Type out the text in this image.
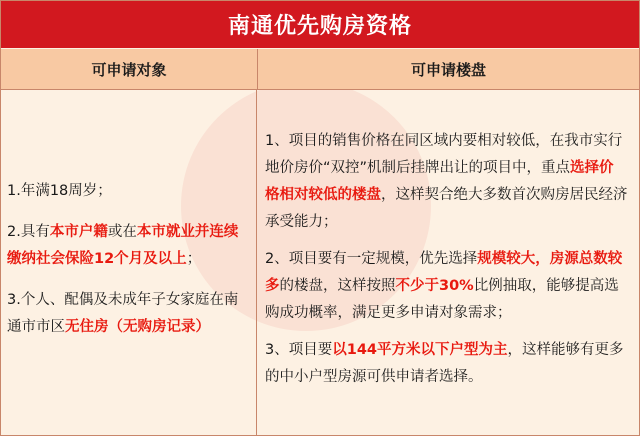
南通优先购房资格
可申请对象	可申请楼盘

1.年满18周岁；

2.具有本市户籍或在本市就业并连续缴纳社会保险12个月及以上；

3.个人、配偶及未成年子女家庭在南通市市区无住房（无购房记录）

1、项目的销售价格在同区域内要相对较低，在我市实行地价房价“双控”机制后挂牌出让的项目中，重点选择价格相对较低的楼盘，这样契合绝大多数首次购房居民经济承受能力；

2、项目要有一定规模，优先选择规模较大，房源总数较多的楼盘，这样按照不少于30%比例抽取，能够提高选购成功概率，满足更多申请对象需求；

3、项目要以144平方米以下户型为主，这样能够有更多的中小户型房源可供申请者选择。
